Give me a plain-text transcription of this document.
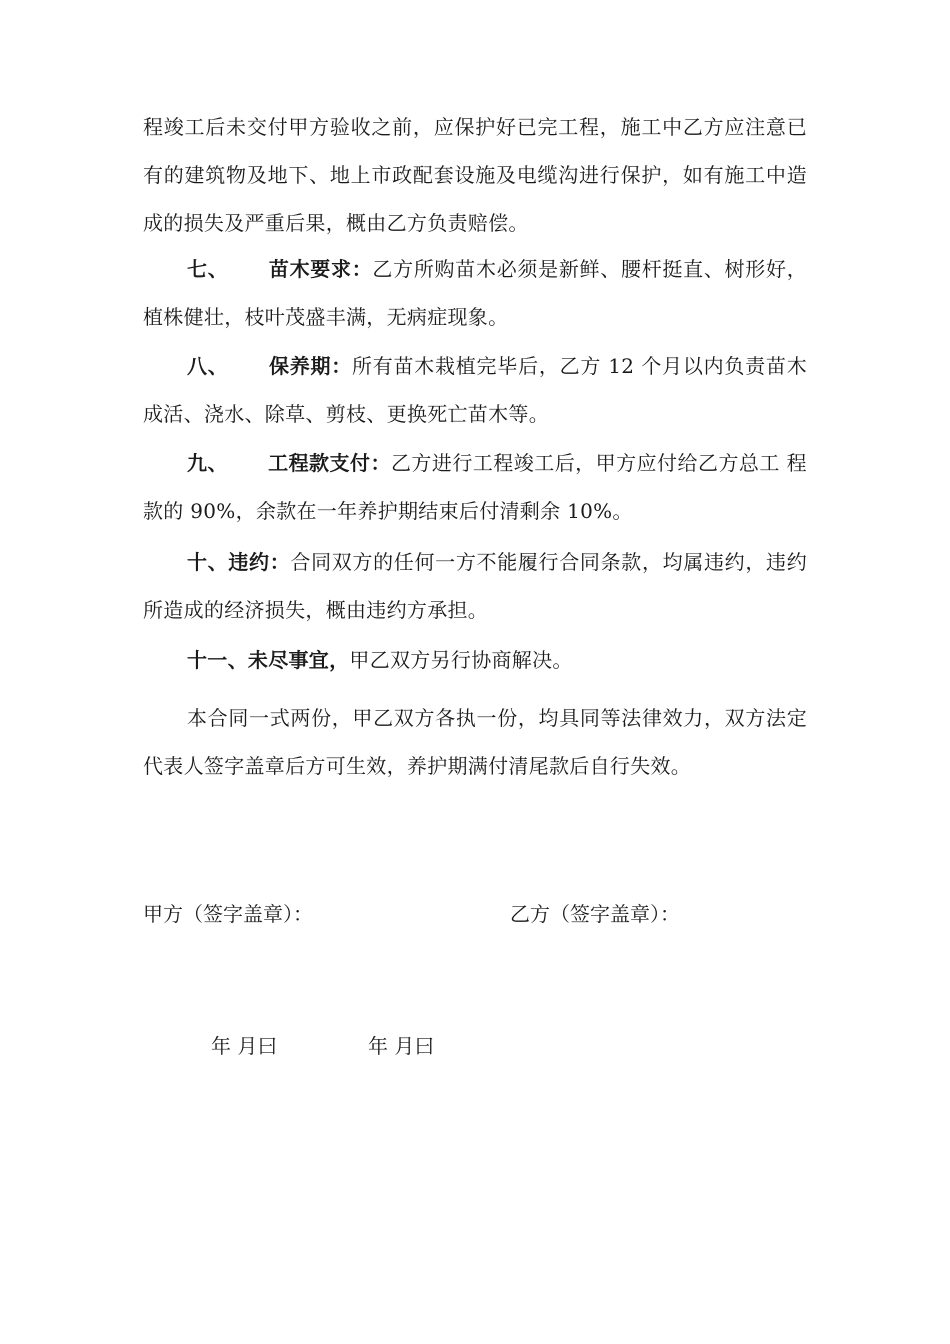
程竣工后未交付甲方验收之前，应保护好已完工程，施工中乙方应注意已有的建筑物及地下、地上市政配套设施及电缆沟进行保护，如有施工中造成的损失及严重后果，概由乙方负责赔偿。

七、 苗木要求：乙方所购苗木必须是新鲜、腰杆挺直、树形好，植株健壮，枝叶茂盛丰满，无病症现象。

八、 保养期：所有苗木栽植完毕后，乙方 12 个月以内负责苗木 成活、浇水、除草、剪枝、更换死亡苗木等。

九、 工程款支付：乙方进行工程竣工后，甲方应付给乙方总工 程款的 90%，余款在一年养护期结束后付清剩余 10%。

十、违约：合同双方的任何一方不能履行合同条款，均属违约，违约所造成的经济损失，概由违约方承担。

十一、未尽事宜，甲乙双方另行协商解决。

本合同一式两份，甲乙双方各执一份，均具同等法律效力，双方法定代表人签字盖章后方可生效，养护期满付清尾款后自行失效。

甲方（签字盖章）：	乙方（签字盖章）：
年 月曰	年 月曰
